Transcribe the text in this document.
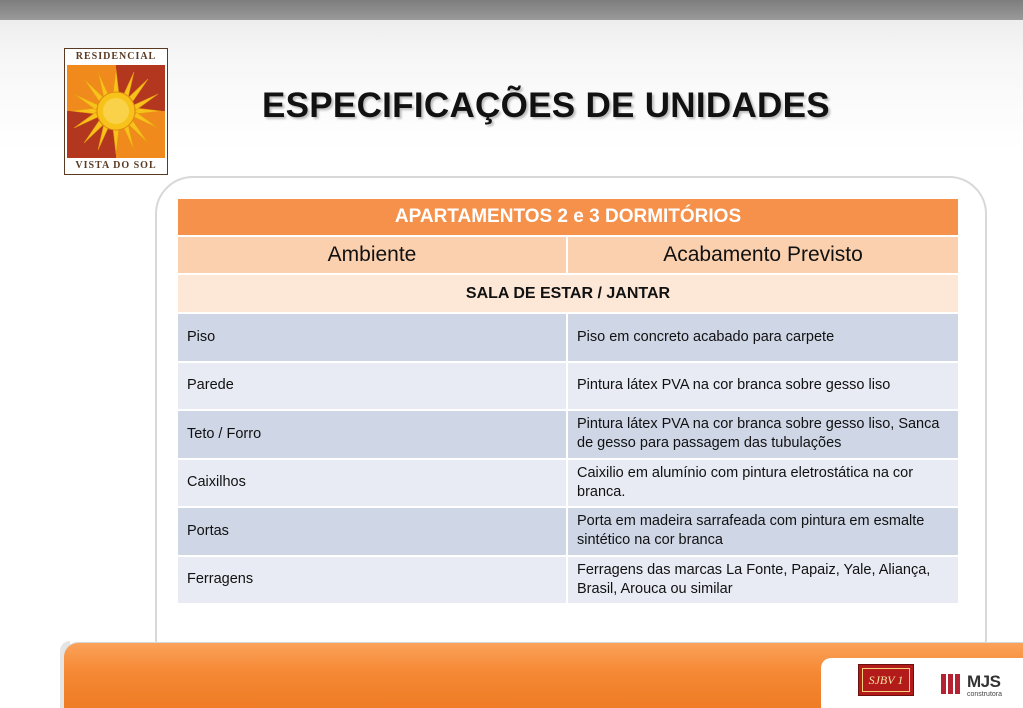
RESIDENCIAL
VISTA DO SOL
ESPECIFICAÇÕES DE UNIDADES
APARTAMENTOS 2 e 3 DORMITÓRIOS	
Ambiente	Acabamento Previsto
SALA DE ESTAR / JANTAR	
Piso	Piso em concreto acabado para carpete
Parede	Pintura látex PVA na cor branca sobre gesso liso
Teto / Forro	Pintura látex PVA na cor branca sobre gesso liso, Sanca de gesso para passagem das tubulações
Caixilhos	Caixilio em alumínio com pintura eletrostática na cor branca.
Portas	Porta em madeira sarrafeada com pintura em esmalte sintético na cor branca
Ferragens	Ferragens das marcas La Fonte, Papaiz, Yale, Aliança, Brasil, Arouca ou similar
SJBV 1	MJS
construtora
